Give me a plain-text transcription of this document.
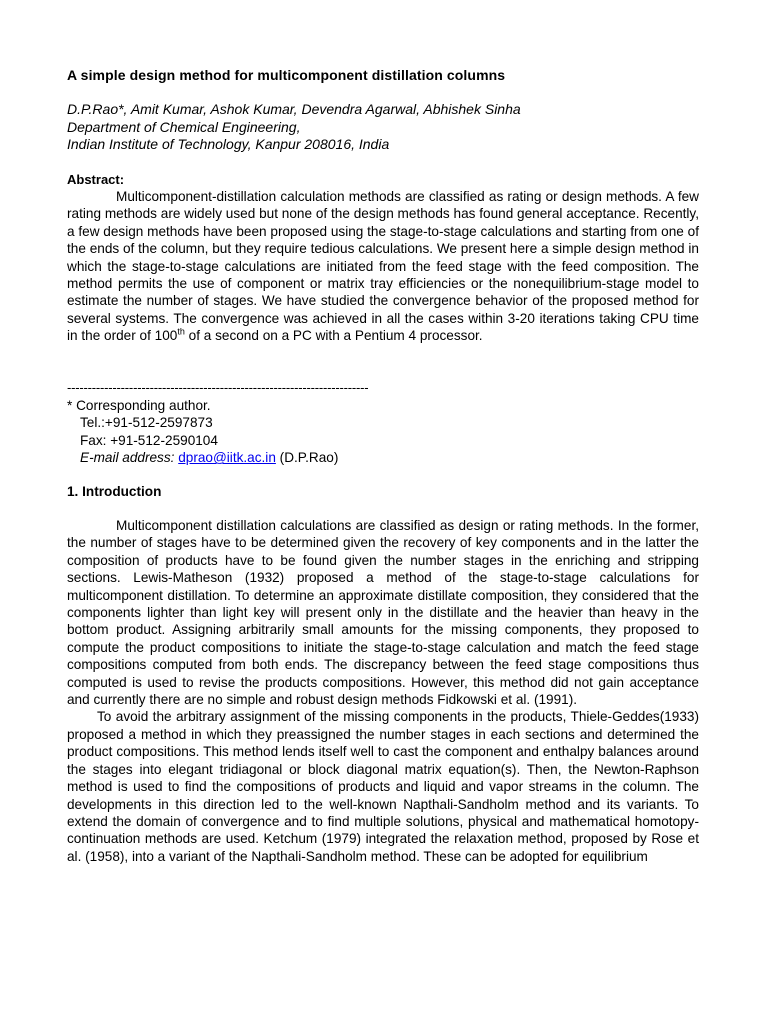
A simple design method for multicomponent distillation columns
D.P.Rao*, Amit Kumar, Ashok Kumar, Devendra Agarwal, Abhishek Sinha
Department of Chemical Engineering,
Indian Institute of Technology, Kanpur 208016, India
Abstract:
Multicomponent-distillation calculation methods are classified as rating or design methods. A few rating methods are widely used but none of the design methods has found general acceptance. Recently, a few design methods have been proposed using the stage-to-stage calculations and starting from one of the ends of the column, but they require tedious calculations. We present here a simple design method in which the stage-to-stage calculations are initiated from the feed stage with the feed composition. The method permits the use of component or matrix tray efficiencies or the nonequilibrium-stage model to estimate the number of stages. We have studied the convergence behavior of the proposed method for several systems. The convergence was achieved in all the cases within 3-20 iterations taking CPU time in the order of 100th of a second on a PC with a Pentium 4 processor.
-------------------------------------------------------------------------
* Corresponding author.
Tel.:+91-512-2597873
Fax: +91-512-2590104
E-mail address: dprao@iitk.ac.in (D.P.Rao)
1. Introduction

Multicomponent distillation calculations are classified as design or rating methods. In the former, the number of stages have to be determined given the recovery of key components and in the latter the composition of products have to be found given the number stages in the enriching and stripping sections. Lewis-Matheson (1932) proposed a method of the stage-to-stage calculations for multicomponent distillation. To determine an approximate distillate composition, they considered that the components lighter than light key will present only in the distillate and the heavier than heavy in the bottom product. Assigning arbitrarily small amounts for the missing components, they proposed to compute the product compositions to initiate the stage-to-stage calculation and match the feed stage compositions computed from both ends. The discrepancy between the feed stage compositions thus computed is used to revise the products compositions. However, this method did not gain acceptance and currently there are no simple and robust design methods Fidkowski et al. (1991).

To avoid the arbitrary assignment of the missing components in the products, Thiele-Geddes(1933) proposed a method in which they preassigned the number stages in each sections and determined the product compositions. This method lends itself well to cast the component and enthalpy balances around the stages into elegant tridiagonal or block diagonal matrix equation(s). Then, the Newton-Raphson method is used to find the compositions of products and liquid and vapor streams in the column. The developments in this direction led to the well-known Napthali-Sandholm method and its variants. To extend the domain of convergence and to find multiple solutions, physical and mathematical homotopy-continuation methods are used. Ketchum (1979) integrated the relaxation method, proposed by Rose et al. (1958), into a variant of the Napthali-Sandholm method. These can be adopted for equilibrium
